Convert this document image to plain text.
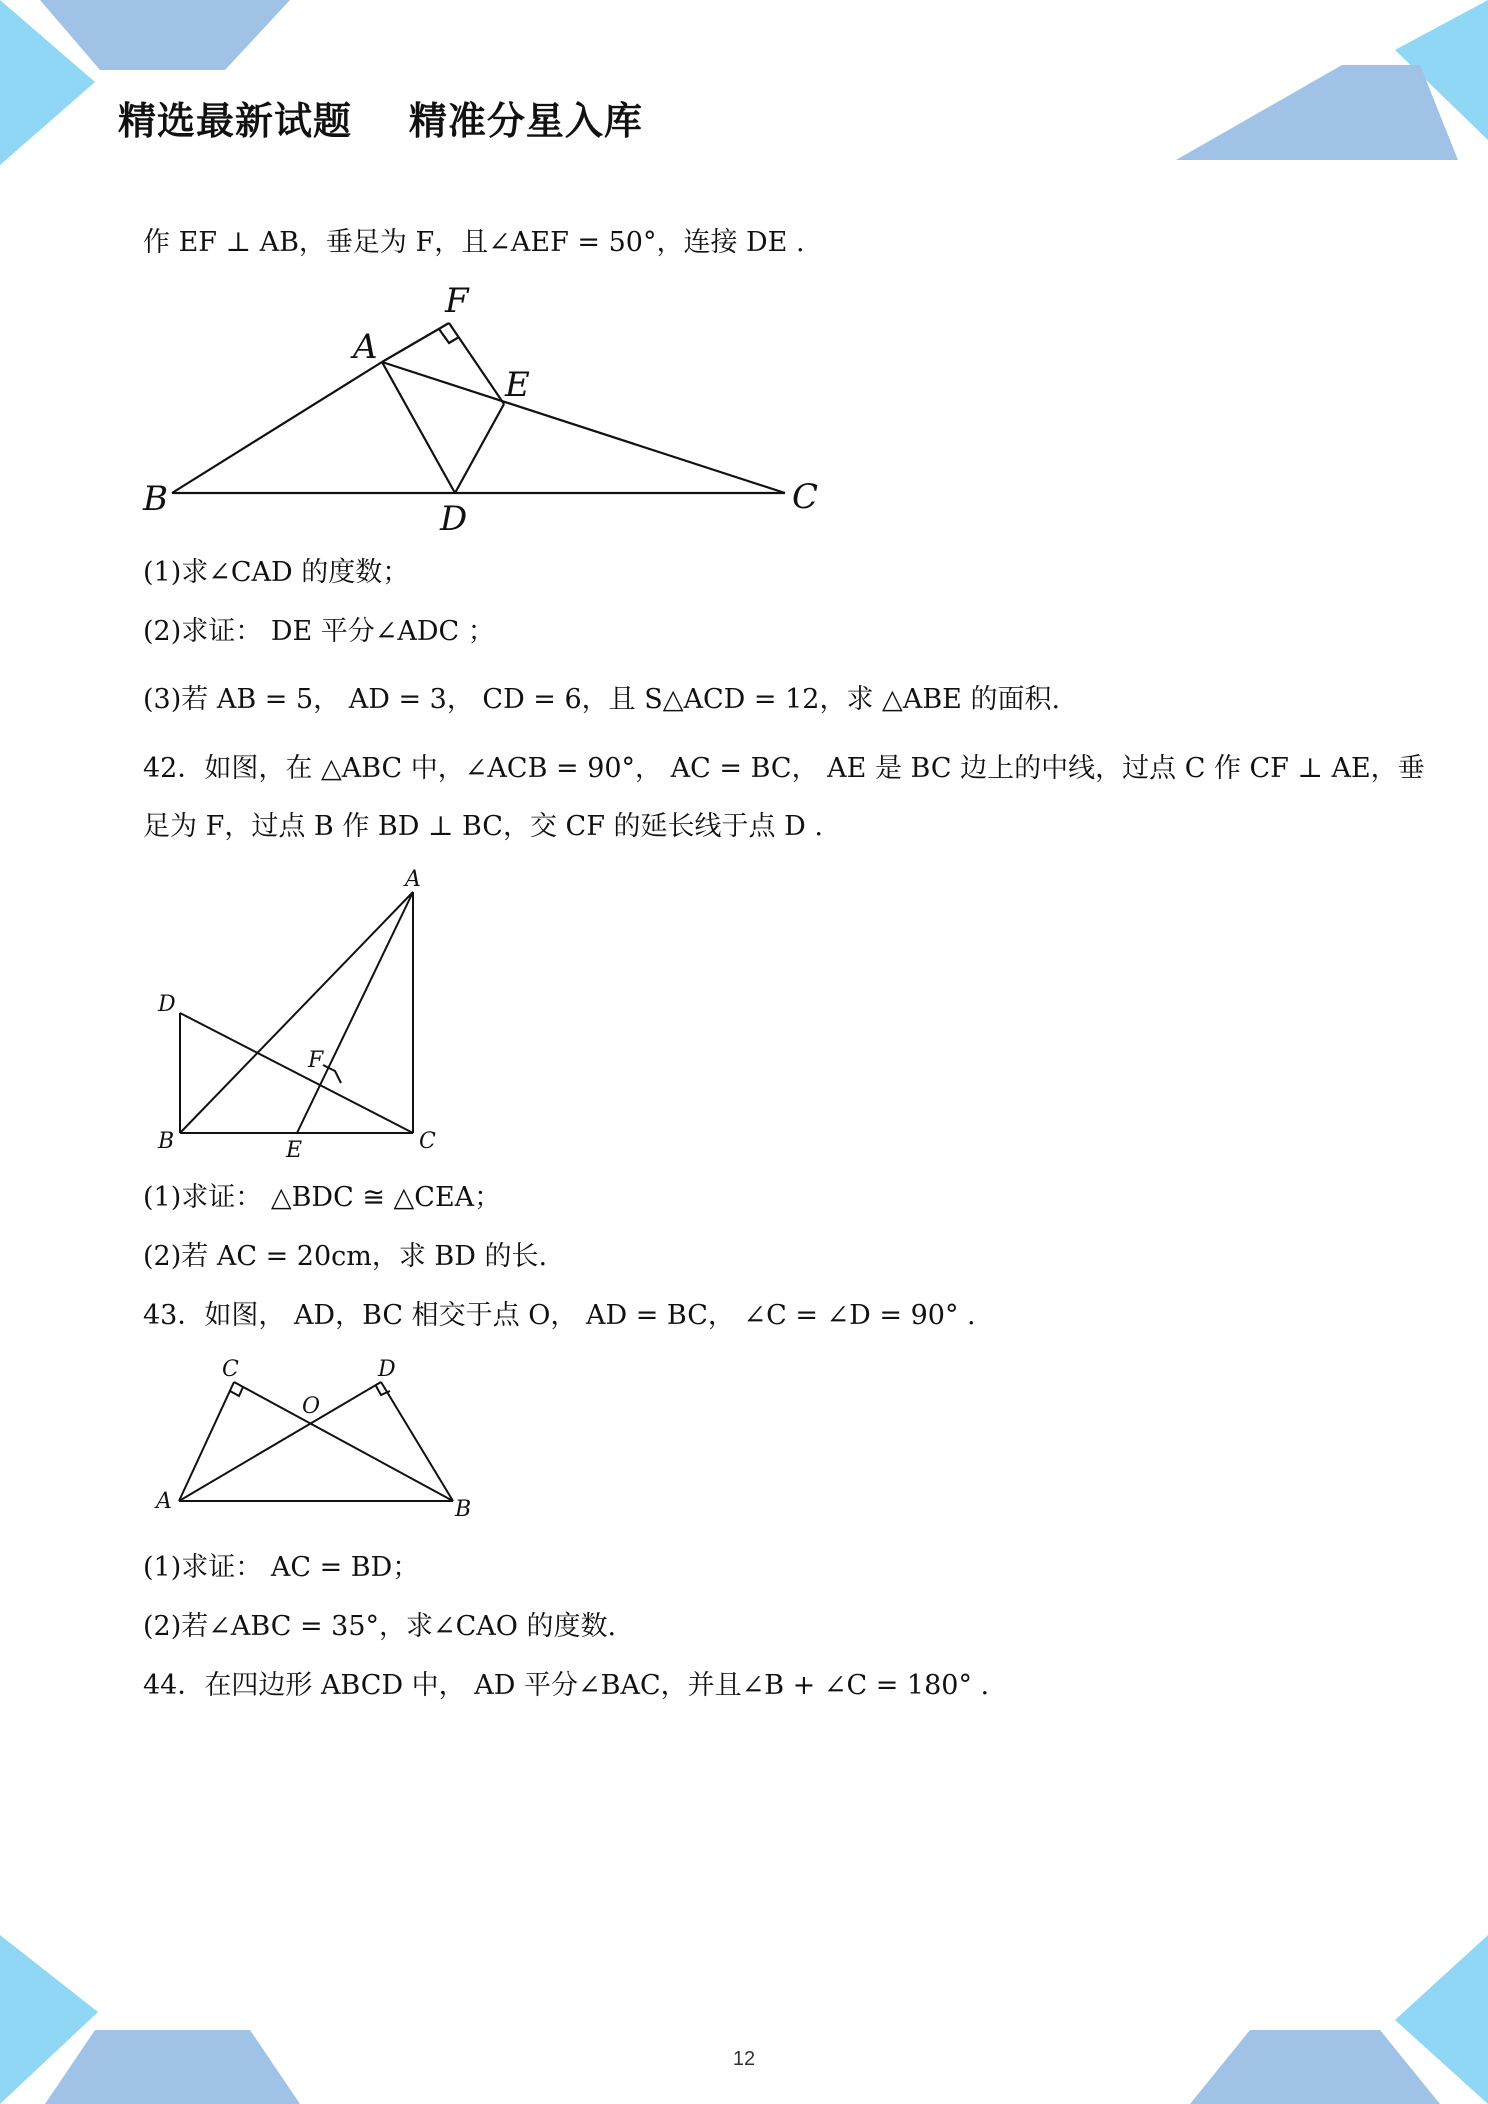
精选最新试题    精准分星入库
作 EF ⊥ AB，垂足为 F，且∠AEF = 50°，连接 DE .
F
A
E
B	D
C
(1)求∠CAD 的度数；
(2)求证： DE 平分∠ADC ；
(3)若 AB = 5， AD = 3， CD = 6，且 S△ACD = 12，求 △ABE 的面积.
42．如图，在 △ABC 中，∠ACB = 90°， AC = BC， AE 是 BC 边上的中线，过点 C 作 CF ⊥ AE，垂
足为 F，过点 B 作 BD ⊥ BC，交 CF 的延长线于点 D .
A
D
F
B	E	C
(1)求证： △BDC ≅ △CEA；
(2)若 AC = 20cm，求 BD 的长.
43．如图， AD，BC 相交于点 O， AD = BC， ∠C = ∠D = 90° .
C	D
O
A	B
(1)求证： AC = BD；
(2)若∠ABC = 35°，求∠CAO 的度数.
44．在四边形 ABCD 中， AD 平分∠BAC，并且∠B + ∠C = 180° .
12
